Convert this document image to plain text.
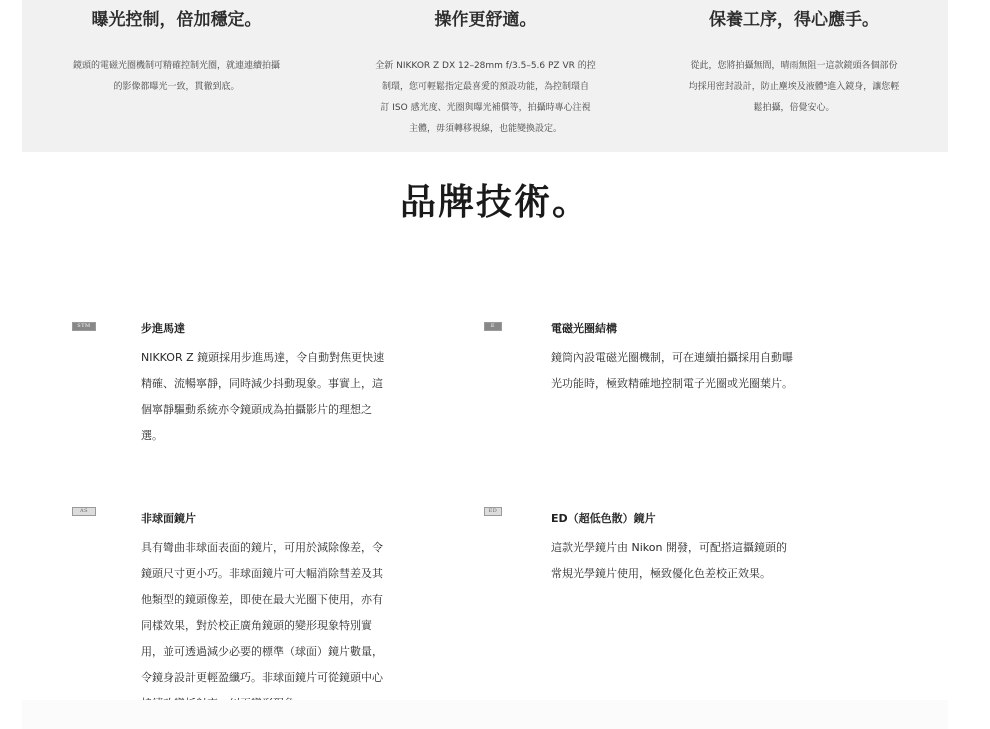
曝光控制，倍加穩定。
鏡頭的電磁光圈機制可精確控制光圈，就連連續拍攝
的影像都曝光一致，貫徹到底。
操作更舒適。
全新 NIKKOR Z DX 12–28mm f/3.5–5.6 PZ VR 的控
制環，您可輕鬆指定最喜愛的預設功能，為控制環自
訂 ISO 感光度、光圈與曝光補償等，拍攝時專心注視
主體，毋須轉移視線，也能變換設定。
保養工序，得心應手。
從此，您將拍攝無間，晴雨無阻一這款鏡頭各個部份
均採用密封設計，防止塵埃及液體⁵進入鏡身，讓您輕
鬆拍攝，倍覺安心。
品牌技術。
STM	步進馬達
NIKKOR Z 鏡頭採用步進馬達，令自動對焦更快速
精確、流暢寧靜，同時減少抖動現象。事實上，這
個寧靜驅動系統亦令鏡頭成為拍攝影片的理想之
選。
E	電磁光圈結構
鏡筒內設電磁光圈機制，可在連續拍攝採用自動曝
光功能時，極致精確地控制電子光圈或光圈葉片。
AS
非球面鏡片
具有彎曲非球面表面的鏡片，可用於減除像差，令
鏡頭尺寸更小巧。非球面鏡片可大幅消除彗差及其
他類型的鏡頭像差，即使在最大光圈下使用，亦有
同樣效果，對於校正廣角鏡頭的變形現象特別實
用，並可透過減少必要的標準（球面）鏡片數量，
令鏡身設計更輕盈纖巧。非球面鏡片可從鏡頭中心
ED
ED（超低色散）鏡片
這款光學鏡片由 Nikon 開發，可配搭這攝鏡頭的
常規光學鏡片使用，極致優化色差校正效果。
